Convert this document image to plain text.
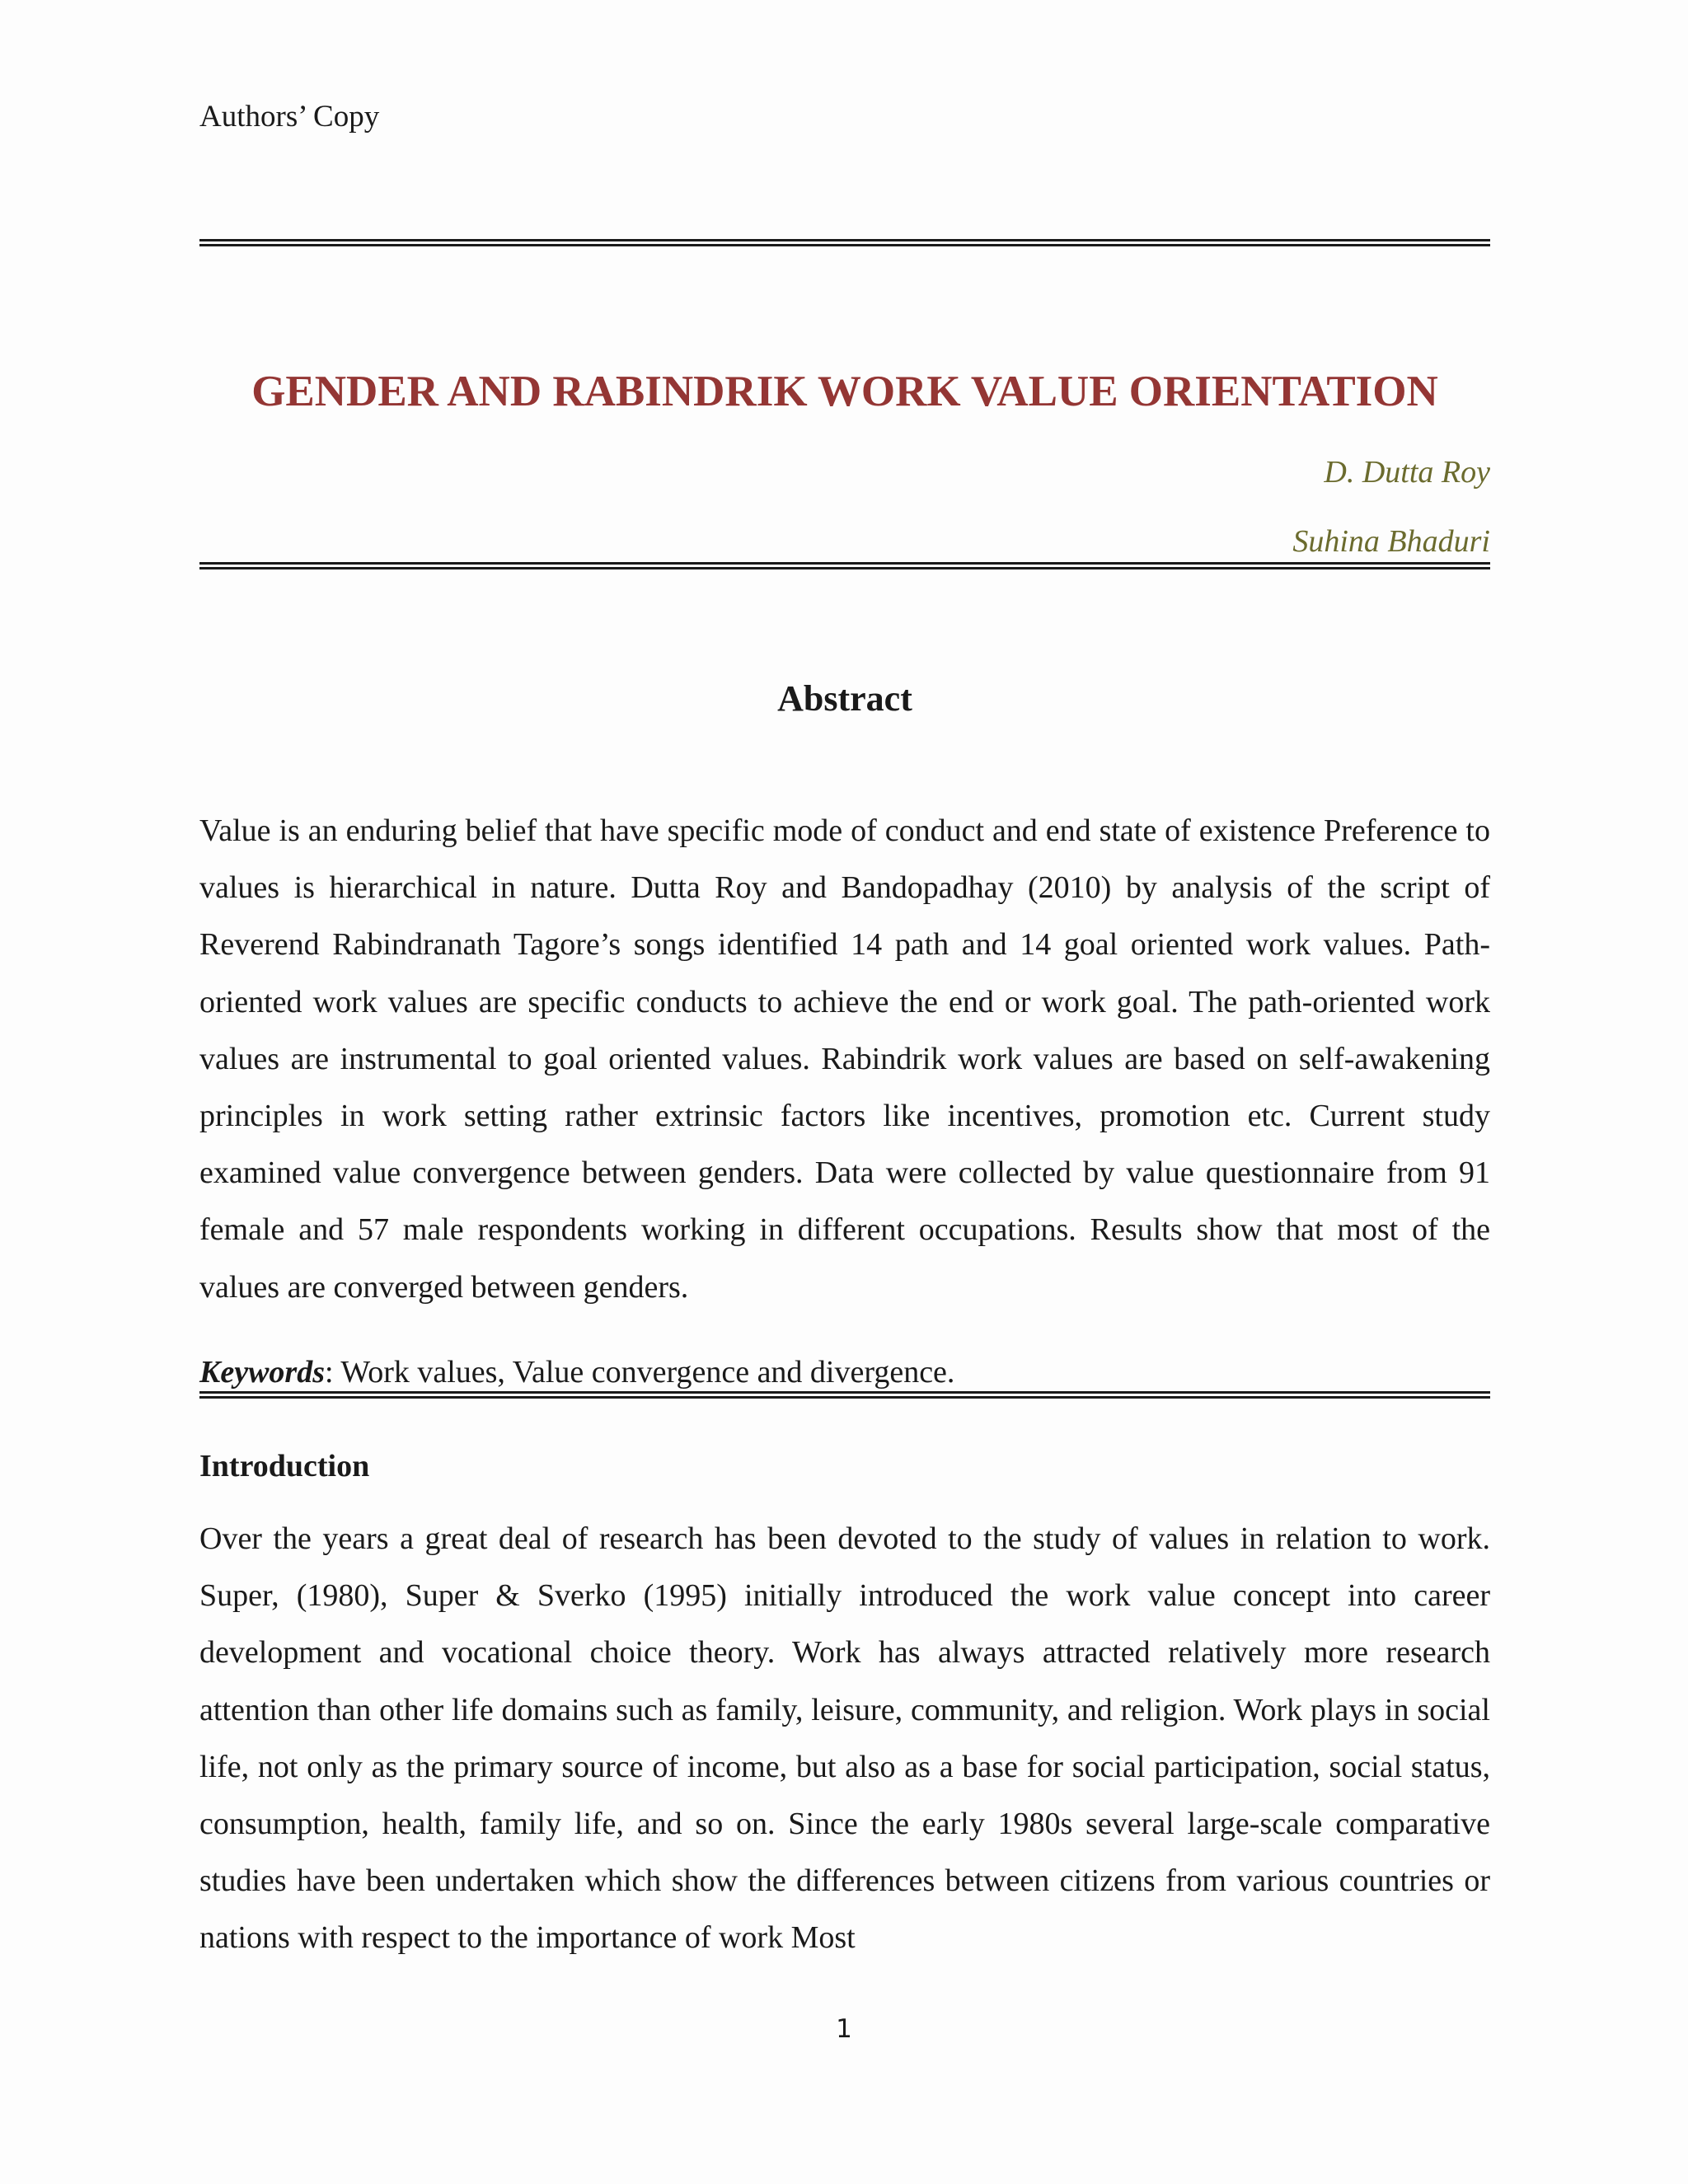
Authors’ Copy
GENDER AND RABINDRIK WORK VALUE ORIENTATION
D. Dutta Roy
Suhina Bhaduri
Abstract

Value is an enduring belief that have specific mode of conduct and end state of existence Preference to values is hierarchical in nature. Dutta Roy and Bandopadhay (2010) by analysis of the script of Reverend Rabindranath Tagore’s songs identified 14 path and 14 goal oriented work values. Path-oriented work values are specific conducts to achieve the end or work goal. The path-oriented work values are instrumental to goal oriented values. Rabindrik work values are based on self-awakening principles in work setting rather extrinsic factors like incentives, promotion etc. Current study examined value convergence between genders. Data were collected by value questionnaire from 91 female and 57 male respondents working in different occupations. Results show that most of the values are converged between genders.

Keywords: Work values, Value convergence and divergence.
Introduction

Over the years a great deal of research has been devoted to the study of values in relation to work. Super, (1980), Super & Sverko (1995) initially introduced the work value concept into career development and vocational choice theory. Work has always attracted relatively more research attention than other life domains such as family, leisure, community, and religion. Work plays in social life, not only as the primary source of income, but also as a base for social participation, social status, consumption, health, family life, and so on. Since the early 1980s several large-scale comparative studies have been undertaken which show the differences between citizens from various countries or nations with respect to the importance of work Most

1
